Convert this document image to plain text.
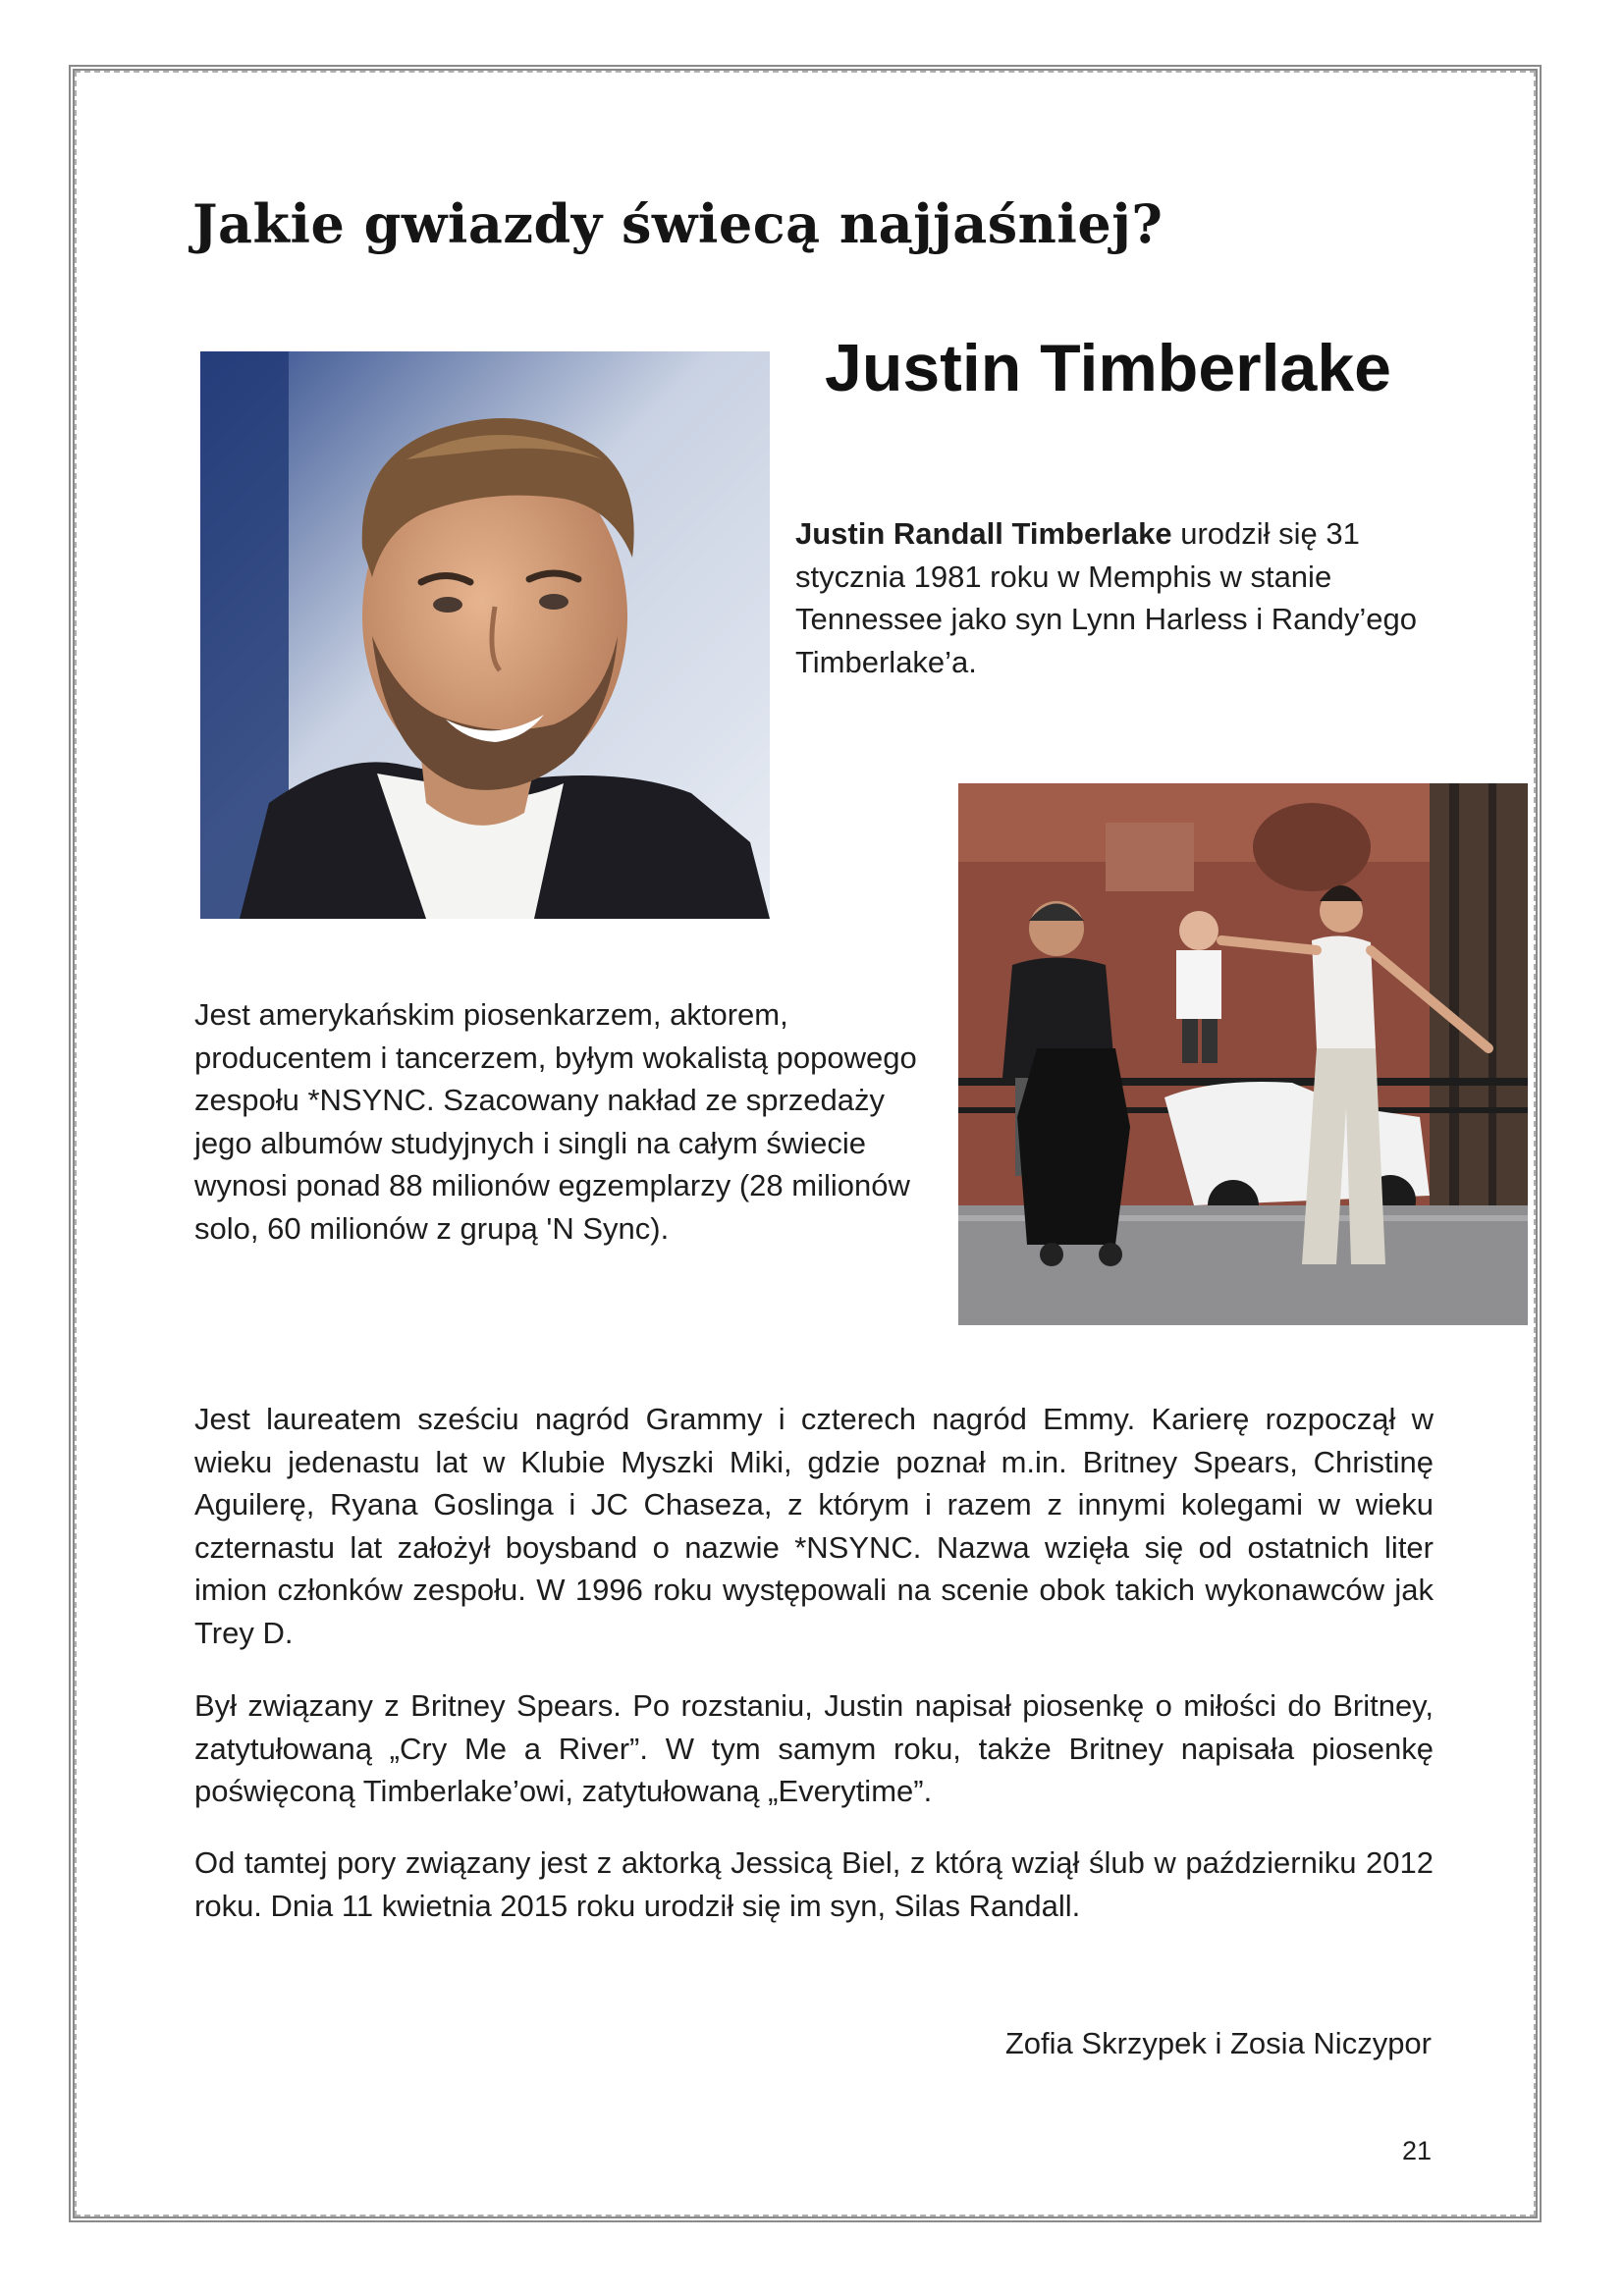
Jakie gwiazdy świecą najjaśniej?
Justin Timberlake
Justin Randall Timberlake urodził się 31 stycznia 1981 roku w Memphis w stanie Tennessee jako syn Lynn Harless i Randy’ego Timberlake’a.
Jest amerykańskim piosenkarzem, aktorem, producentem i tancerzem, byłym wokalistą popowego zespołu *NSYNC. Szacowany nakład ze sprzedaży jego albumów studyjnych i singli na całym świecie wynosi ponad 88 milionów egzemplarzy (28 milionów solo, 60 milionów z grupą 'N Sync).
Jest laureatem sześciu nagród Grammy i czterech nagród Emmy. Karierę rozpoczął w wieku jedenastu lat w Klubie Myszki Miki, gdzie poznał m.in. Britney Spears, Christinę Aguilerę, Ryana Goslinga i JC Chaseza, z którym i razem z innymi kolegami w wieku czternastu lat założył boysband o nazwie *NSYNC. Nazwa wzięła się od ostatnich liter imion członków zespołu. W 1996 roku występowali na scenie obok takich wykonawców jak Trey D.
Był związany z Britney Spears. Po rozstaniu, Justin napisał piosenkę o miłości do Britney, zatytułowaną „Cry Me a River”. W tym samym roku, także Britney napisała piosenkę poświęconą Timberlake’owi, zatytułowaną „Everytime”.
Od tamtej pory związany jest z aktorką Jessicą Biel, z którą wziął ślub w październiku 2012 roku. Dnia 11 kwietnia 2015 roku urodził się im syn, Silas Randall.
Zofia Skrzypek i Zosia Niczypor
21
